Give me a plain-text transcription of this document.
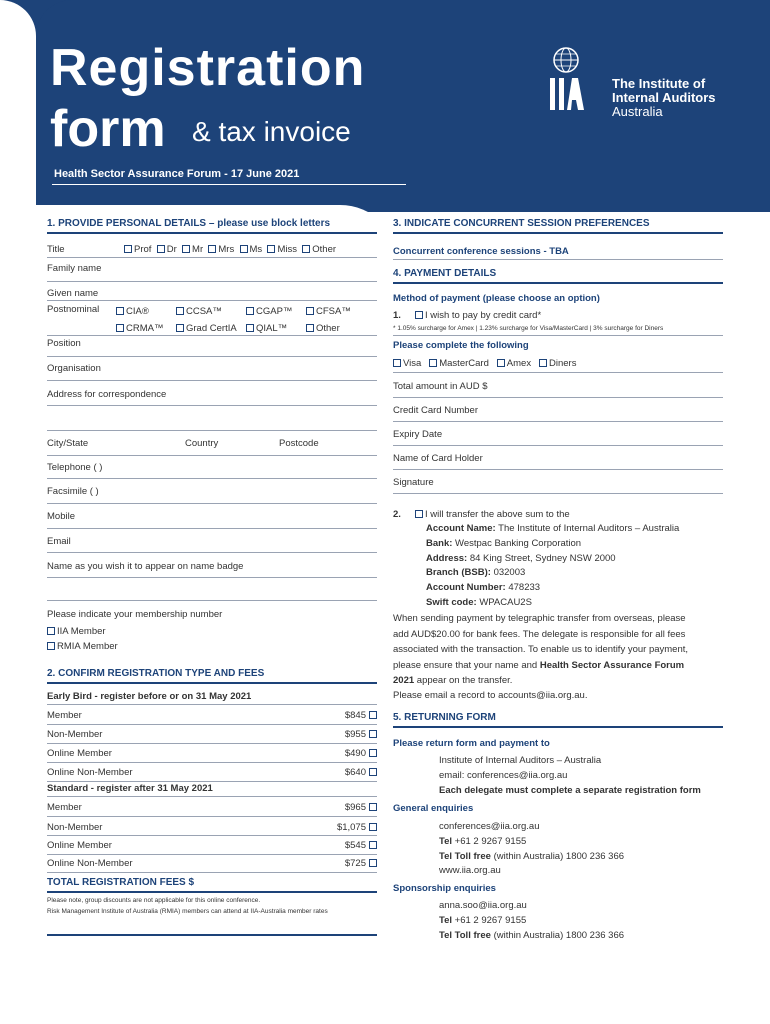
Registration
form & tax invoice
Health Sector Assurance Forum - 17 June 2021
The Institute of
Internal Auditors
Australia
1. PROVIDE PERSONAL DETAILS – please use block letters
Title	Prof Dr Mr Mrs Ms Miss Other
Family name
Given name
Postnominal	CIA®	CCSA™	CGAP™	CFSA™
CRMA™	Grad CertIA	QIAL™	Other
Position
Organisation
Address for correspondence
City/State	Country	Postcode
Telephone ( )
Facsimile ( )
Mobile
Email
Name as you wish it to appear on name badge
Please indicate your membership number
IIA Member
RMIA Member
2. CONFIRM REGISTRATION TYPE AND FEES
Early Bird - register before or on 31 May 2021
Member	$845
Non-Member	$955
Online Member	$490
Online Non-Member	$640
Standard - register after 31 May 2021
Member	$965
Non-Member	$1,075
Online Member	$545
Online Non-Member	$725
TOTAL REGISTRATION FEES $
Please note, group discounts are not applicable for this online conference.
Risk Management Institute of Australia (RMIA) members can attend at IIA-Australia member rates
3. INDICATE CONCURRENT SESSION PREFERENCES
Concurrent conference sessions - TBA
4. PAYMENT DETAILS
Method of payment (please choose an option)
1.	I wish to pay by credit card*
* 1.05% surcharge for Amex | 1.23% surcharge for Visa/MasterCard | 3% surcharge for Diners
Please complete the following
Visa MasterCard Amex Diners
Total amount in AUD $
Credit Card Number
Expiry Date
Name of Card Holder
Signature
2.	I will transfer the above sum to the
Account Name: The Institute of Internal Auditors – Australia
Bank: Westpac Banking Corporation
Address: 84 King Street, Sydney NSW 2000
Branch (BSB): 032003
Account Number: 478233
Swift code: WPACAU2S
When sending payment by telegraphic transfer from overseas, please
add AUD$20.00 for bank fees. The delegate is responsible for all fees
associated with the transaction. To enable us to identify your payment,
please ensure that your name and Health Sector Assurance Forum
2021 appear on the transfer.
Please email a record to accounts@iia.org.au.
5. RETURNING FORM
Please return form and payment to
Institute of Internal Auditors – Australia
email: conferences@iia.org.au
Each delegate must complete a separate registration form
General enquiries
conferences@iia.org.au
Tel +61 2 9267 9155
Tel Toll free (within Australia) 1800 236 366
www.iia.org.au
Sponsorship enquiries
anna.soo@iia.org.au
Tel +61 2 9267 9155
Tel Toll free (within Australia) 1800 236 366
